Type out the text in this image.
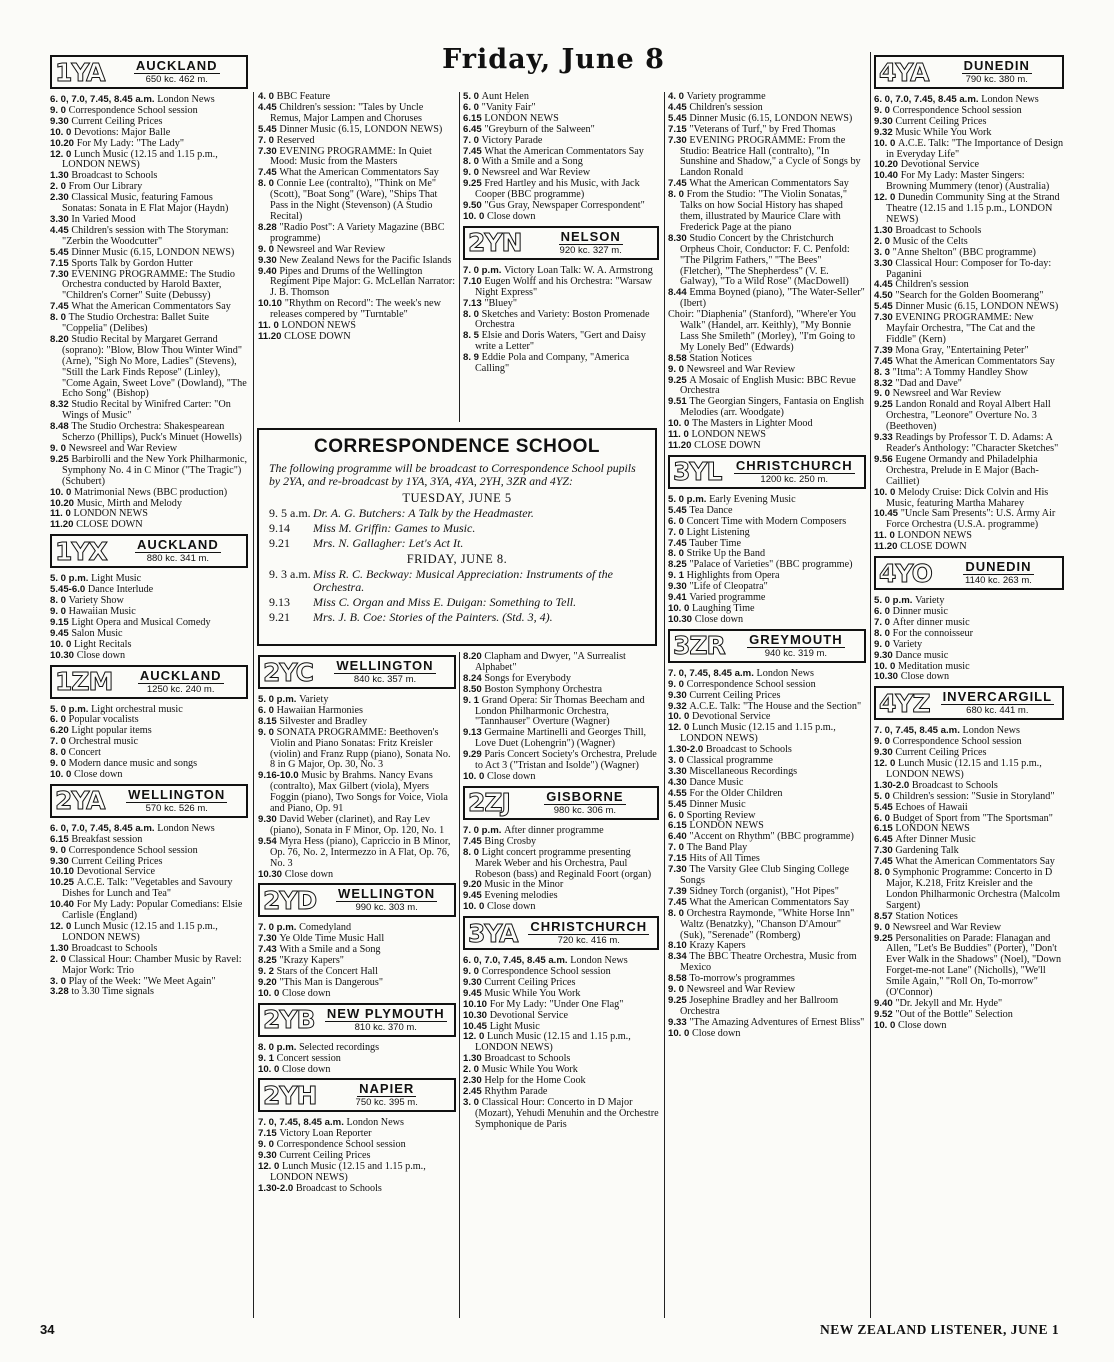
Friday, June 8
1YA AUCKLAND
650 kc. 462 m.

6. 0, 7.0, 7.45, 8.45 a.m. London News

9. 0 Correspondence School session

9.30 Current Ceiling Prices

10. 0 Devotions: Major Balle

10.20 For My Lady: "The Lady"

12. 0 Lunch Music (12.15 and 1.15 p.m., LONDON NEWS)

1.30 Broadcast to Schools

2. 0 From Our Library

2.30 Classical Music, featuring Famous Sonatas: Sonata in E Flat Major (Haydn)

3.30 In Varied Mood

4.45 Children's session with The Storyman: "Zerbin the Woodcutter"

5.45 Dinner Music (6.15, LONDON NEWS)

7.15 Sports Talk by Gordon Hutter

7.30 EVENING PROGRAMME: The Studio Orchestra conducted by Harold Baxter, "Children's Corner" Suite (Debussy)

7.45 What the American Commentators Say

8. 0 The Studio Orchestra: Ballet Suite "Coppelia" (Delibes)

8.20 Studio Recital by Margaret Gerrand (soprano): "Blow, Blow Thou Winter Wind" (Arne), "Sigh No More, Ladies" (Stevens), "Still the Lark Finds Repose" (Linley), "Come Again, Sweet Love" (Dowland), "The Echo Song" (Bishop)

8.32 Studio Recital by Winifred Carter: "On Wings of Music"

8.48 The Studio Orchestra: Shakespearean Scherzo (Phillips), Puck's Minuet (Howells)

9. 0 Newsreel and War Review

9.25 Barbirolli and the New York Philharmonic, Symphony No. 4 in C Minor ("The Tragic") (Schubert)

10. 0 Matrimonial News (BBC production)

10.20 Music, Mirth and Melody

11. 0 LONDON NEWS

11.20 CLOSE DOWN

1YX AUCKLAND
880 kc. 341 m.

5. 0 p.m. Light Music

5.45-6.0 Dance Interlude

8. 0 Variety Show

9. 0 Hawaiian Music

9.15 Light Opera and Musical Comedy

9.45 Salon Music

10. 0 Light Recitals

10.30 Close down

1ZM AUCKLAND
1250 kc. 240 m.

5. 0 p.m. Light orchestral music

6. 0 Popular vocalists

6.20 Light popular items

7. 0 Orchestral music

8. 0 Concert

9. 0 Modern dance music and songs

10. 0 Close down

2YA WELLINGTON
570 kc. 526 m.

6. 0, 7.0, 7.45, 8.45 a.m. London News

6.15 Breakfast session

9. 0 Correspondence School session

9.30 Current Ceiling Prices

10.10 Devotional Service

10.25 A.C.E. Talk: "Vegetables and Savoury Dishes for Lunch and Tea"

10.40 For My Lady: Popular Comedians: Elsie Carlisle (England)

12. 0 Lunch Music (12.15 and 1.15 p.m., LONDON NEWS)

1.30 Broadcast to Schools

2. 0 Classical Hour: Chamber Music by Ravel: Major Work: Trio

3. 0 Play of the Week: "We Meet Again"

3.28 to 3.30 Time signals

4. 0 BBC Feature

4.45 Children's session: "Tales by Uncle Remus, Major Lampen and Choruses

5.45 Dinner Music (6.15, LONDON NEWS)

7. 0 Reserved

7.30 EVENING PROGRAMME: In Quiet Mood: Music from the Masters

7.45 What the American Commentators Say

8. 0 Connie Lee (contralto), "Think on Me" (Scott), "Boat Song" (Ware), "Ships That Pass in the Night (Stevenson) (A Studio Recital)

8.28 "Radio Post": A Variety Magazine (BBC programme)

9. 0 Newsreel and War Review

9.30 New Zealand News for the Pacific Islands

9.40 Pipes and Drums of the Wellington Regiment Pipe Major: G. McLellan Narrator: J. B. Thomson

10.10 "Rhythm on Record": The week's new releases compered by "Turntable"

11. 0 LONDON NEWS

11.20 CLOSE DOWN

5. 0 Aunt Helen

6. 0 "Vanity Fair"

6.15 LONDON NEWS

6.45 "Greyburn of the Salween"

7. 0 Victory Parade

7.45 What the American Commentators Say

8. 0 With a Smile and a Song

9. 0 Newsreel and War Review

9.25 Fred Hartley and his Music, with Jack Cooper (BBC programme)

9.50 "Gus Gray, Newspaper Correspondent"

10. 0 Close down

2YN	NELSON
920 kc. 327 m.

7. 0 p.m. Victory Loan Talk: W. A. Armstrong

7.10 Eugen Wolff and his Orchestra: "Warsaw Night Express"

7.13 "Bluey"

8. 0 Sketches and Variety: Boston Promenade Orchestra

8. 5 Elsie and Doris Waters, "Gert and Daisy write a Letter"

8. 9 Eddie Pola and Company, "America Calling"

CORRESPONDENCE SCHOOL
The following programme will be broadcast to Correspondence School pupils by 2YA, and re-broadcast by 1YA, 3YA, 4YA, 2YH, 3ZR and 4YZ:
TUESDAY, JUNE 5
9. 5 a.m. Dr. A. G. Butchers: A Talk by the Headmaster.
9.14 Miss M. Griffin: Games to Music.
9.21 Mrs. N. Gallagher: Let's Act It.
FRIDAY, JUNE 8.
9. 3 a.m. Miss R. C. Beckway: Musical Appreciation: Instruments of the Orchestra.
9.13 Miss C. Organ and Miss E. Duigan: Something to Tell.
9.21 Mrs. J. B. Coe: Stories of the Painters. (Std. 3, 4).
2YC WELLINGTON
840 kc. 357 m.

5. 0 p.m. Variety

6. 0 Hawaiian Harmonies

8.15 Silvester and Bradley

9. 0 SONATA PROGRAMME: Beethoven's Violin and Piano Sonatas: Fritz Kreisler (violin) and Franz Rupp (piano), Sonata No. 8 in G Major, Op. 30, No. 3

9.16-10.0 Music by Brahms. Nancy Evans (contralto), Max Gilbert (viola), Myers Foggin (piano), Two Songs for Voice, Viola and Piano, Op. 91

9.30 David Weber (clarinet), and Ray Lev (piano), Sonata in F Minor, Op. 120, No. 1

9.54 Myra Hess (piano), Capriccio in B Minor, Op. 76, No. 2, Intermezzo in A Flat, Op. 76, No. 3

10.30 Close down

2YD WELLINGTON
990 kc. 303 m.

7. 0 p.m. Comedyland

7.30 Ye Olde Time Music Hall

7.43 With a Smile and a Song

8.25 "Krazy Kapers"

9. 2 Stars of the Concert Hall

9.20 "This Man is Dangerous"

10. 0 Close down

2YB NEW PLYMOUTH
810 kc. 370 m.

8. 0 p.m. Selected recordings

9. 1 Concert session

10. 0 Close down

2YH	NAPIER
750 kc. 395 m.

7. 0, 7.45, 8.45 a.m. London News

7.15 Victory Loan Reporter

9. 0 Correspondence School session

9.30 Current Ceiling Prices

12. 0 Lunch Music (12.15 and 1.15 p.m., LONDON NEWS)

1.30-2.0 Broadcast to Schools

8.20 Clapham and Dwyer, "A Surrealist Alphabet"

8.24 Songs for Everybody

8.50 Boston Symphony Orchestra

9. 1 Grand Opera: Sir Thomas Beecham and London Philharmonic Orchestra, "Tannhauser" Overture (Wagner)

9.13 Germaine Martinelli and Georges Thill, Love Duet (Lohengrin") (Wagner)

9.29 Paris Concert Society's Orchestra, Prelude to Act 3 ("Tristan and Isolde") (Wagner)

10. 0 Close down

2ZJ	GISBORNE
980 kc. 306 m.

7. 0 p.m. After dinner programme

7.45 Bing Crosby

8. 0 Light concert programme presenting Marek Weber and his Orchestra, Paul Robeson (bass) and Reginald Foort (organ)

9.20 Music in the Minor

9.45 Evening melodies

10. 0 Close down

3YA CHRISTCHURCH
720 kc. 416 m.

6. 0, 7.0, 7.45, 8.45 a.m. London News

9. 0 Correspondence School session

9.30 Current Ceiling Prices

9.45 Music While You Work

10.10 For My Lady: "Under One Flag"

10.30 Devotional Service

10.45 Light Music

12. 0 Lunch Music (12.15 and 1.15 p.m., LONDON NEWS)

1.30 Broadcast to Schools

2. 0 Music While You Work

2.30 Help for the Home Cook

2.45 Rhythm Parade

3. 0 Classical Hour: Concerto in D Major (Mozart), Yehudi Menuhin and the Orchestre Symphonique de Paris

4. 0 Variety programme

4.45 Children's session

5.45 Dinner Music (6.15, LONDON NEWS)

7.15 "Veterans of Turf," by Fred Thomas

7.30 EVENING PROGRAMME: From the Studio: Beatrice Hall (contralto), "In Sunshine and Shadow," a Cycle of Songs by Landon Ronald

7.45 What the American Commentators Say

8. 0 From the Studio: "The Violin Sonatas," Talks on how Social History has shaped them, illustrated by Maurice Clare with Frederick Page at the piano

8.30 Studio Concert by the Christchurch Orpheus Choir, Conductor: F. C. Penfold: "The Pilgrim Fathers," "The Bees" (Fletcher), "The Shepherdess" (V. E. Galway), "To a Wild Rose" (MacDowell)

8.44 Emma Boyned (piano), "The Water-Seller" (Ibert)

Choir: "Diaphenia" (Stanford), "Where'er You Walk" (Handel, arr. Keithly), "My Bonnie Lass She Smileth" (Morley), "I'm Going to My Lonely Bed" (Edwards)

8.58 Station Notices

9. 0 Newsreel and War Review

9.25 A Mosaic of English Music: BBC Revue Orchestra

9.51 The Georgian Singers, Fantasia on English Melodies (arr. Woodgate)

10. 0 The Masters in Lighter Mood

11. 0 LONDON NEWS

11.20 CLOSE DOWN

3YL CHRISTCHURCH
1200 kc. 250 m.

5. 0 p.m. Early Evening Music

5.45 Tea Dance

6. 0 Concert Time with Modern Composers

7. 0 Light Listening

7.45 Tauber Time

8. 0 Strike Up the Band

8.25 "Palace of Varieties" (BBC programme)

9. 1 Highlights from Opera

9.30 "Life of Cleopatra"

9.41 Varied programme

10. 0 Laughing Time

10.30 Close down

3ZR GREYMOUTH
940 kc. 319 m.

7. 0, 7.45, 8.45 a.m. London News

9. 0 Correspondence School session

9.30 Current Ceiling Prices

9.32 A.C.E. Talk: "The House and the Section"

10. 0 Devotional Service

12. 0 Lunch Music (12.15 and 1.15 p.m., LONDON NEWS)

1.30-2.0 Broadcast to Schools

3. 0 Classical programme

3.30 Miscellaneous Recordings

4.30 Dance Music

4.55 For the Older Children

5.45 Dinner Music

6. 0 Sporting Review

6.15 LONDON NEWS

6.40 "Accent on Rhythm" (BBC programme)

7. 0 The Band Play

7.15 Hits of All Times

7.30 The Varsity Glee Club Singing College Songs

7.39 Sidney Torch (organist), "Hot Pipes"

7.45 What the American Commentators Say

8. 0 Orchestra Raymonde, "White Horse Inn" Waltz (Benatzky), "Chanson D'Amour" (Suk), "Serenade" (Romberg)

8.10 Krazy Kapers

8.34 The BBC Theatre Orchestra, Music from Mexico

8.58 To-morrow's programmes

9. 0 Newsreel and War Review

9.25 Josephine Bradley and her Ballroom Orchestra

9.33 "The Amazing Adventures of Ernest Bliss"

10. 0 Close down

4YA	DUNEDIN
790 kc. 380 m.

6. 0, 7.0, 7.45, 8.45 a.m. London News

9. 0 Correspondence School session

9.30 Current Ceiling Prices

9.32 Music While You Work

10. 0 A.C.E. Talk: "The Importance of Design in Everyday Life"

10.20 Devotional Service

10.40 For My Lady: Master Singers: Browning Mummery (tenor) (Australia)

12. 0 Dunedin Community Sing at the Strand Theatre (12.15 and 1.15 p.m., LONDON NEWS)

1.30 Broadcast to Schools

2. 0 Music of the Celts

3. 0 "Anne Shelton" (BBC programme)

3.30 Classical Hour: Composer for To-day: Paganini

4.45 Children's session

4.50 "Search for the Golden Boomerang"

5.45 Dinner Music (6.15, LONDON NEWS)

7.30 EVENING PROGRAMME: New Mayfair Orchestra, "The Cat and the Fiddle" (Kern)

7.39 Mona Gray, "Entertaining Peter"

7.45 What the American Commentators Say

8. 3 "Itma": A Tommy Handley Show

8.32 "Dad and Dave"

9. 0 Newsreel and War Review

9.25 Landon Ronald and Royal Albert Hall Orchestra, "Leonore" Overture No. 3 (Beethoven)

9.33 Readings by Professor T. D. Adams: A Reader's Anthology: "Character Sketches"

9.56 Eugene Ormandy and Philadelphia Orchestra, Prelude in E Major (Bach-Cailliet)

10. 0 Melody Cruise: Dick Colvin and His Music, featuring Martha Maharey

10.45 "Uncle Sam Presents": U.S. Army Air Force Orchestra (U.S.A. programme)

11. 0 LONDON NEWS

11.20 CLOSE DOWN

4YO	DUNEDIN
1140 kc. 263 m.

5. 0 p.m. Variety

6. 0 Dinner music

7. 0 After dinner music

8. 0 For the connoisseur

9. 0 Variety

9.30 Dance music

10. 0 Meditation music

10.30 Close down

4YZ INVERCARGILL
680 kc. 441 m.

7. 0, 7.45, 8.45 a.m. London News

9. 0 Correspondence School session

9.30 Current Ceiling Prices

12. 0 Lunch Music (12.15 and 1.15 p.m., LONDON NEWS)

1.30-2.0 Broadcast to Schools

5. 0 Children's session: "Susie in Storyland"

5.45 Echoes of Hawaii

6. 0 Budget of Sport from "The Sportsman"

6.15 LONDON NEWS

6.45 After Dinner Music

7.30 Gardening Talk

7.45 What the American Commentators Say

8. 0 Symphonic Programme: Concerto in D Major, K.218, Fritz Kreisler and the London Philharmonic Orchestra (Malcolm Sargent)

8.57 Station Notices

9. 0 Newsreel and War Review

9.25 Personalities on Parade: Flanagan and Allen, "Let's Be Buddies" (Porter), "Don't Ever Walk in the Shadows" (Noel), "Down Forget-me-not Lane" (Nicholls), "We'll Smile Again," "Roll On, To-morrow" (O'Connor)

9.40 "Dr. Jekyll and Mr. Hyde"

9.52 "Out of the Bottle" Selection

10. 0 Close down

34	NEW ZEALAND LISTENER, JUNE 1
